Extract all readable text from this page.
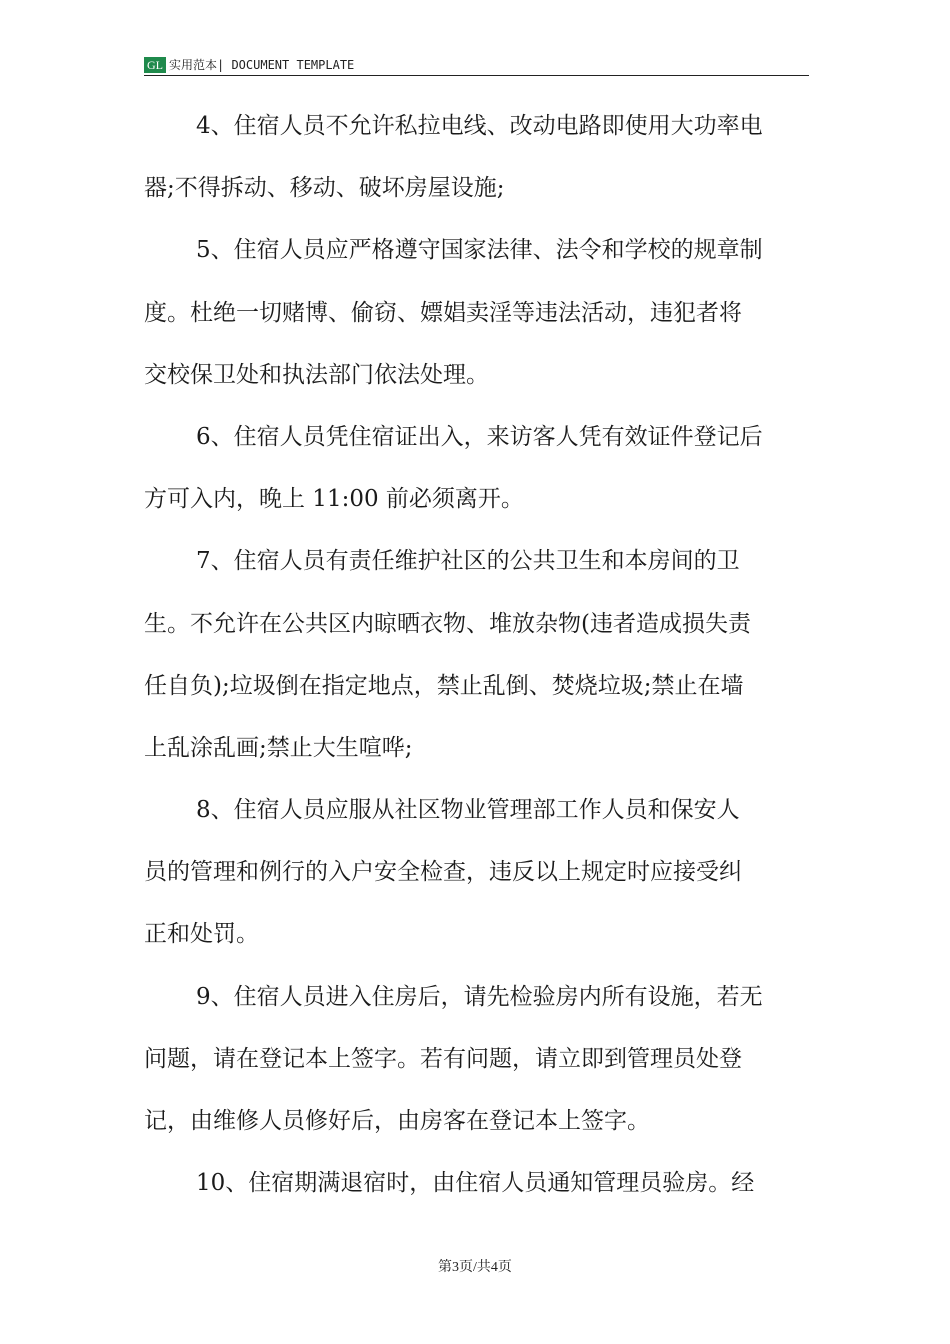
GL 实用范本| DOCUMENT TEMPLATE
4、住宿人员不允许私拉电线、改动电路即使用大功率电
器;不得拆动、移动、破坏房屋设施;
5、住宿人员应严格遵守国家法律、法令和学校的规章制
度。杜绝一切赌博、偷窃、嫖娼卖淫等违法活动，违犯者将
交校保卫处和执法部门依法处理。
6、住宿人员凭住宿证出入，来访客人凭有效证件登记后
方可入内，晚上 11:00 前必须离开。
7、住宿人员有责任维护社区的公共卫生和本房间的卫
生。不允许在公共区内晾晒衣物、堆放杂物(违者造成损失责
任自负);垃圾倒在指定地点，禁止乱倒、焚烧垃圾;禁止在墙
上乱涂乱画;禁止大生喧哗;
8、住宿人员应服从社区物业管理部工作人员和保安人
员的管理和例行的入户安全检查，违反以上规定时应接受纠
正和处罚。
9、住宿人员进入住房后，请先检验房内所有设施，若无
问题，请在登记本上签字。若有问题，请立即到管理员处登
记，由维修人员修好后，由房客在登记本上签字。
10、住宿期满退宿时，由住宿人员通知管理员验房。经
第3页/共4页
